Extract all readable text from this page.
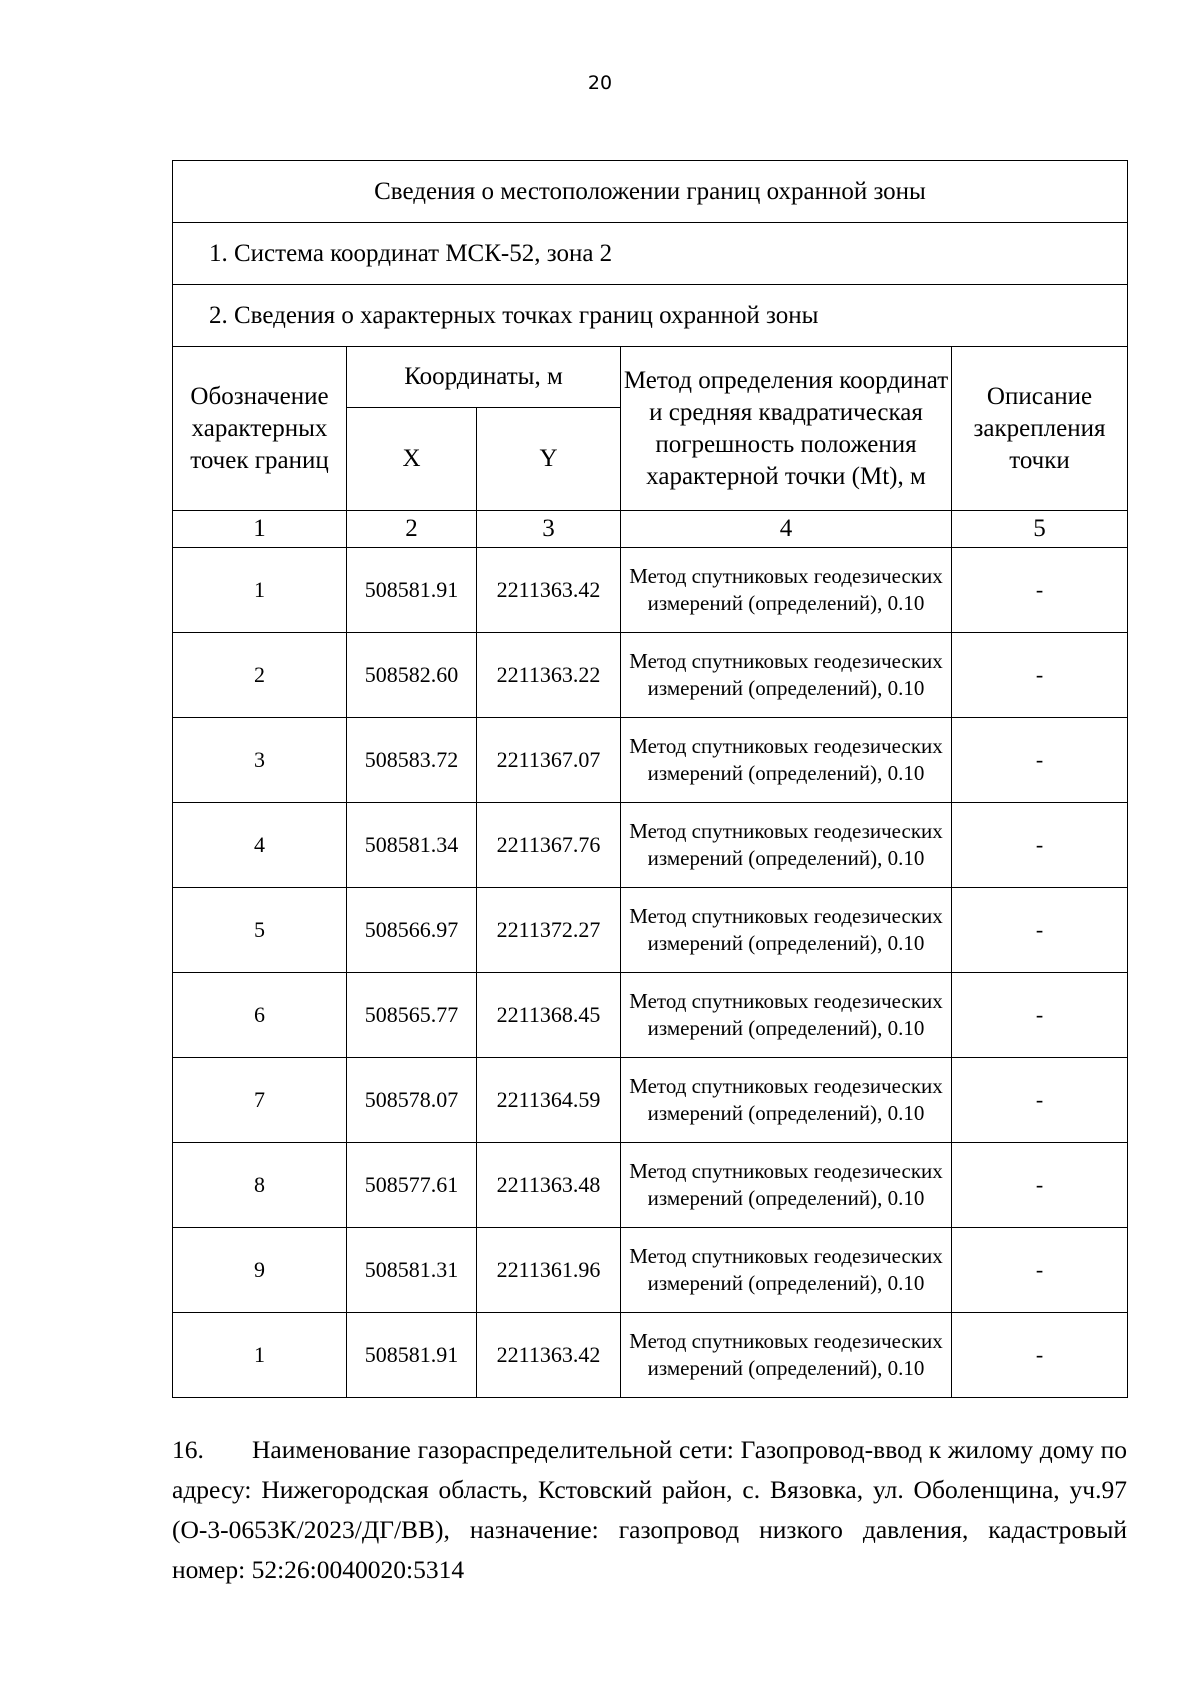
20
Сведения о местоположении границ охранной зоны				
1. Система координат МСК-52, зона 2				
2. Сведения о характерных точках границ охранной зоны				
Обозначение характерных точек границ	Координаты, м		Метод определения координат и средняя квадратическая погрешность положения характерной точки (Mt), м	Описание закрепления точки
	X	Y		
1	2	3	4	5
1	508581.91	2211363.42	Метод спутниковых геодезических измерений (определений), 0.10	-
2	508582.60	2211363.22	Метод спутниковых геодезических измерений (определений), 0.10	-
3	508583.72	2211367.07	Метод спутниковых геодезических измерений (определений), 0.10	-
4	508581.34	2211367.76	Метод спутниковых геодезических измерений (определений), 0.10	-
5	508566.97	2211372.27	Метод спутниковых геодезических измерений (определений), 0.10	-
6	508565.77	2211368.45	Метод спутниковых геодезических измерений (определений), 0.10	-
7	508578.07	2211364.59	Метод спутниковых геодезических измерений (определений), 0.10	-
8	508577.61	2211363.48	Метод спутниковых геодезических измерений (определений), 0.10	-
9	508581.31	2211361.96	Метод спутниковых геодезических измерений (определений), 0.10	-
1	508581.91	2211363.42	Метод спутниковых геодезических измерений (определений), 0.10	-
16. Наименование газораспределительной сети: Газопровод-ввод к жилому дому по адресу: Нижегородская область, Кстовский район, с. Вязовка, ул. Оболенщина, уч.97 (О-3-0653К/2023/ДГ/ВВ), назначение: газопровод низкого давления, кадастровый номер: 52:26:0040020:5314
